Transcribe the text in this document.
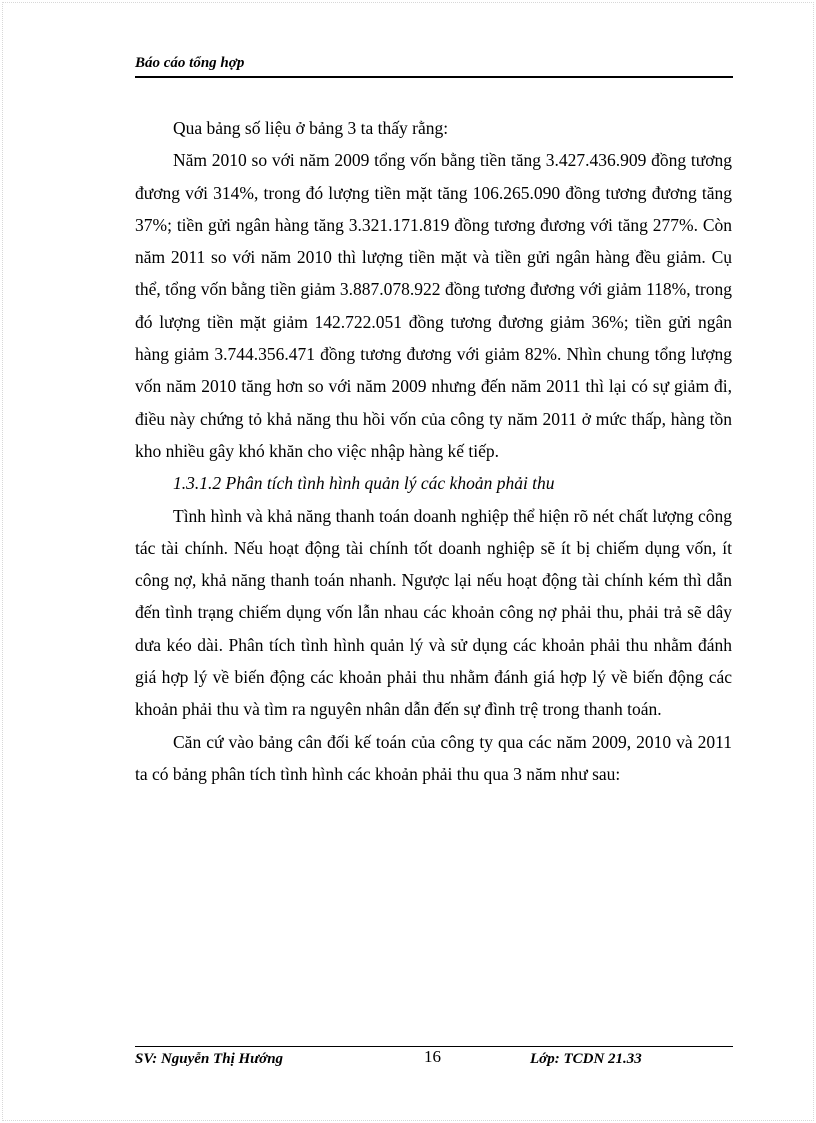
Báo cáo tổng hợp

Qua bảng số liệu ở bảng 3 ta thấy rằng:

Năm 2010 so với năm 2009 tổng vốn bằng tiền tăng 3.427.436.909 đồng tương đương với 314%, trong đó lượng tiền mặt tăng 106.265.090 đồng tương đương tăng 37%; tiền gửi ngân hàng tăng 3.321.171.819 đồng tương đương với tăng 277%. Còn năm 2011 so với năm 2010 thì lượng tiền mặt và tiền gửi ngân hàng đều giảm. Cụ thể, tổng vốn bằng tiền giảm 3.887.078.922 đồng tương đương với giảm 118%, trong đó lượng tiền mặt giảm 142.722.051 đồng tương đương giảm 36%; tiền gửi ngân hàng giảm 3.744.356.471 đồng tương đương với giảm 82%. Nhìn chung tổng lượng vốn năm 2010 tăng hơn so với năm 2009 nhưng đến năm 2011 thì lại có sự giảm đi, điều này chứng tỏ khả năng thu hồi vốn của công ty năm 2011 ở mức thấp, hàng tồn kho nhiều gây khó khăn cho việc nhập hàng kế tiếp.

1.3.1.2 Phân tích tình hình quản lý các khoản phải thu

Tình hình và khả năng thanh toán doanh nghiệp thể hiện rõ nét chất lượng công tác tài chính. Nếu hoạt động tài chính tốt doanh nghiệp sẽ ít bị chiếm dụng vốn, ít công nợ, khả năng thanh toán nhanh. Ngược lại nếu hoạt động tài chính kém thì dẫn đến tình trạng chiếm dụng vốn lẫn nhau các khoản công nợ phải thu, phải trả sẽ dây dưa kéo dài. Phân tích tình hình quản lý và sử dụng các khoản phải thu nhằm đánh giá hợp lý về biến động các khoản phải thu nhằm đánh giá hợp lý về biến động các khoản phải thu và tìm ra nguyên nhân dẫn đến sự đình trệ trong thanh toán.

Căn cứ vào bảng cân đối kế toán của công ty qua các năm 2009, 2010 và 2011 ta có bảng phân tích tình hình các khoản phải thu qua 3 năm như sau:

SV: Nguyễn Thị Hướng	16	Lớp: TCDN 21.33
